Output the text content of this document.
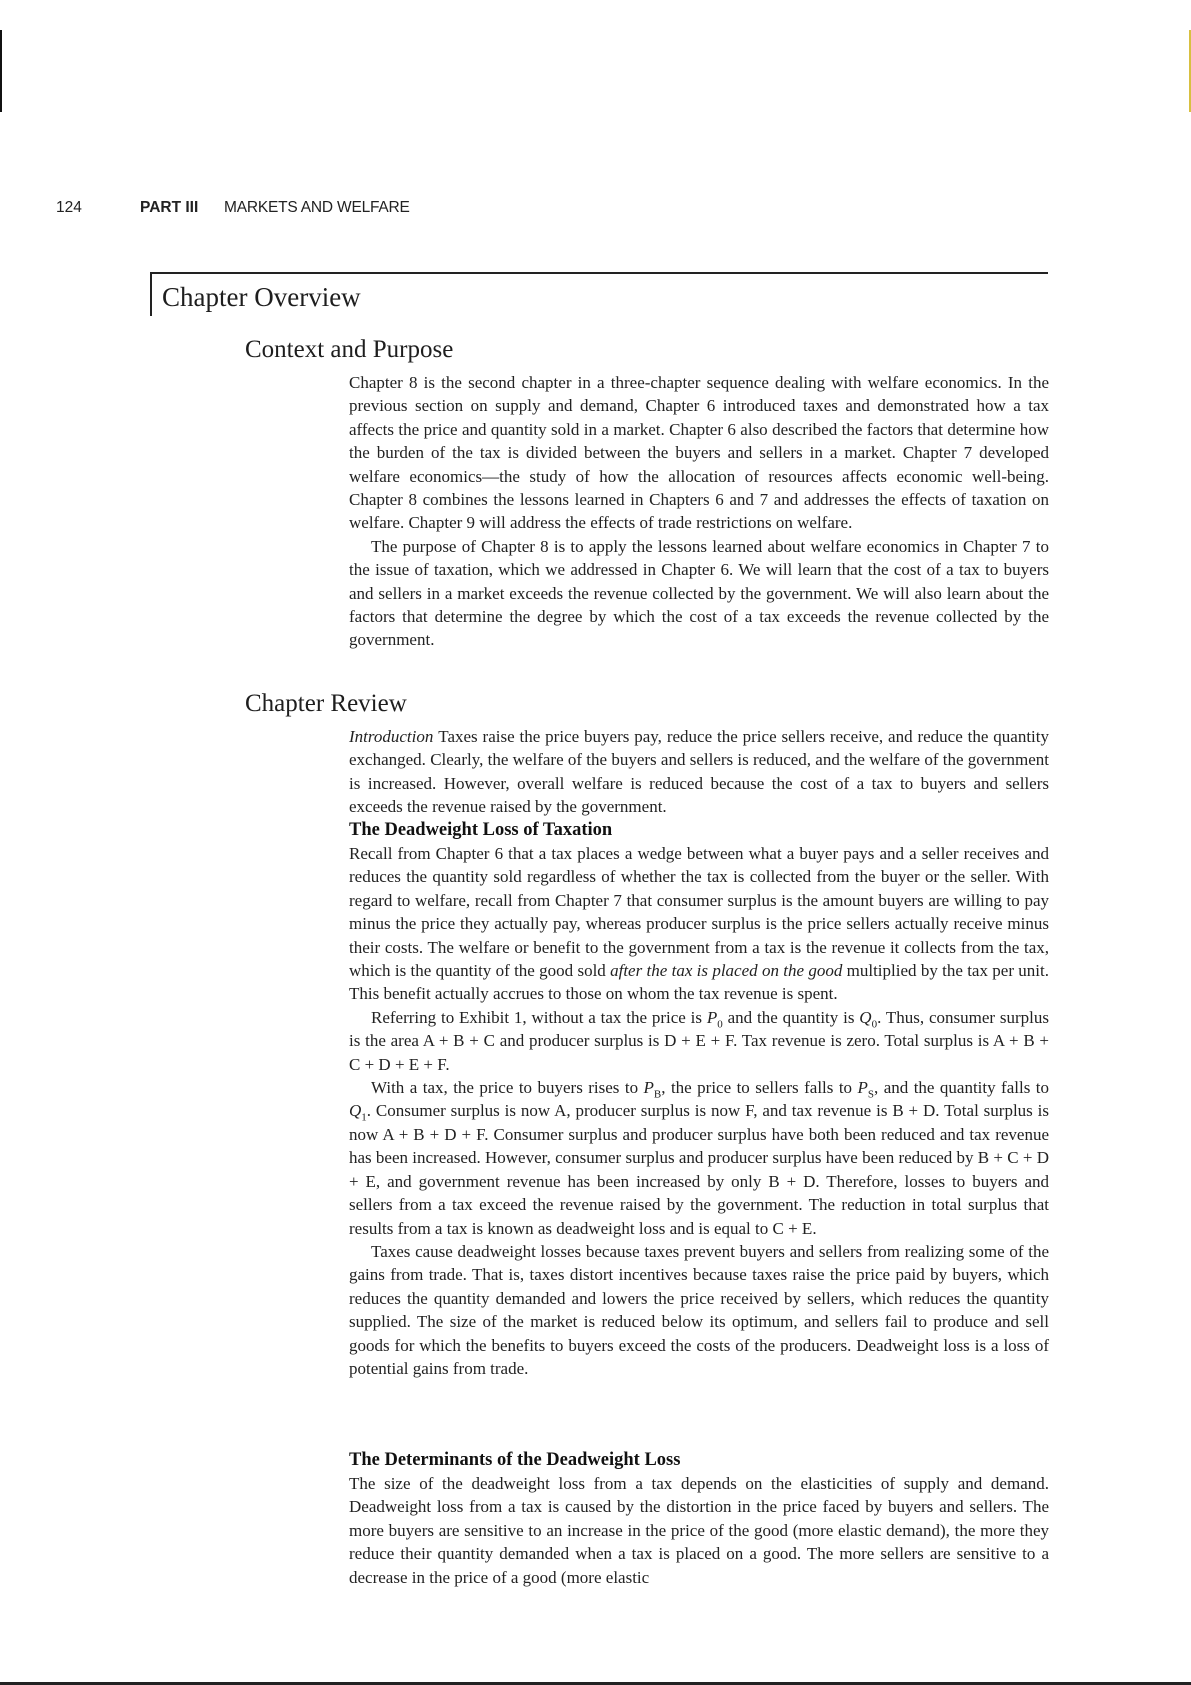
124	PART III MARKETS AND WELFARE
Chapter Overview
Context and Purpose

Chapter 8 is the second chapter in a three-chapter sequence dealing with welfare economics. In the previous section on supply and demand, Chapter 6 introduced taxes and demonstrated how a tax affects the price and quantity sold in a market. Chapter 6 also described the factors that determine how the burden of the tax is divided between the buyers and sellers in a market. Chapter 7 developed welfare economics—the study of how the allocation of resources affects economic well-being. Chapter 8 combines the lessons learned in Chapters 6 and 7 and addresses the effects of taxation on welfare. Chapter 9 will address the effects of trade restrictions on welfare.

The purpose of Chapter 8 is to apply the lessons learned about welfare economics in Chapter 7 to the issue of taxation, which we addressed in Chapter 6. We will learn that the cost of a tax to buyers and sellers in a market exceeds the revenue collected by the government. We will also learn about the factors that determine the degree by which the cost of a tax exceeds the revenue collected by the government.

Chapter Review

Introduction Taxes raise the price buyers pay, reduce the price sellers receive, and reduce the quantity exchanged. Clearly, the welfare of the buyers and sellers is reduced, and the welfare of the government is increased. However, overall welfare is reduced because the cost of a tax to buyers and sellers exceeds the revenue raised by the government.

The Deadweight Loss of Taxation

Recall from Chapter 6 that a tax places a wedge between what a buyer pays and a seller receives and reduces the quantity sold regardless of whether the tax is collected from the buyer or the seller. With regard to welfare, recall from Chapter 7 that consumer surplus is the amount buyers are willing to pay minus the price they actually pay, whereas producer surplus is the price sellers actually receive minus their costs. The welfare or benefit to the government from a tax is the revenue it collects from the tax, which is the quantity of the good sold after the tax is placed on the good multiplied by the tax per unit. This benefit actually accrues to those on whom the tax revenue is spent.

Referring to Exhibit 1, without a tax the price is $P_0$ and the quantity is $Q_0$. Thus, consumer surplus is the area A + B + C and producer surplus is D + E + F. Tax revenue is zero. Total surplus is A + B + C + D + E + F.

With a tax, the price to buyers rises to $P_B$, the price to sellers falls to $P_S$, and the quantity falls to $Q_1$. Consumer surplus is now A, producer surplus is now F, and tax revenue is B + D. Total surplus is now A + B + D + F. Consumer surplus and producer surplus have both been reduced and tax revenue has been increased. However, consumer surplus and producer surplus have been reduced by B + C + D + E, and government revenue has been increased by only B + D. Therefore, losses to buyers and sellers from a tax exceed the revenue raised by the government. The reduction in total surplus that results from a tax is known as deadweight loss and is equal to C + E.

Taxes cause deadweight losses because taxes prevent buyers and sellers from realizing some of the gains from trade. That is, taxes distort incentives because taxes raise the price paid by buyers, which reduces the quantity demanded and lowers the price received by sellers, which reduces the quantity supplied. The size of the market is reduced below its optimum, and sellers fail to produce and sell goods for which the benefits to buyers exceed the costs of the producers. Deadweight loss is a loss of potential gains from trade.

The Determinants of the Deadweight Loss

The size of the deadweight loss from a tax depends on the elasticities of supply and demand. Deadweight loss from a tax is caused by the distortion in the price faced by buyers and sellers. The more buyers are sensitive to an increase in the price of the good (more elastic demand), the more they reduce their quantity demanded when a tax is placed on a good. The more sellers are sensitive to a decrease in the price of a good (more elastic
